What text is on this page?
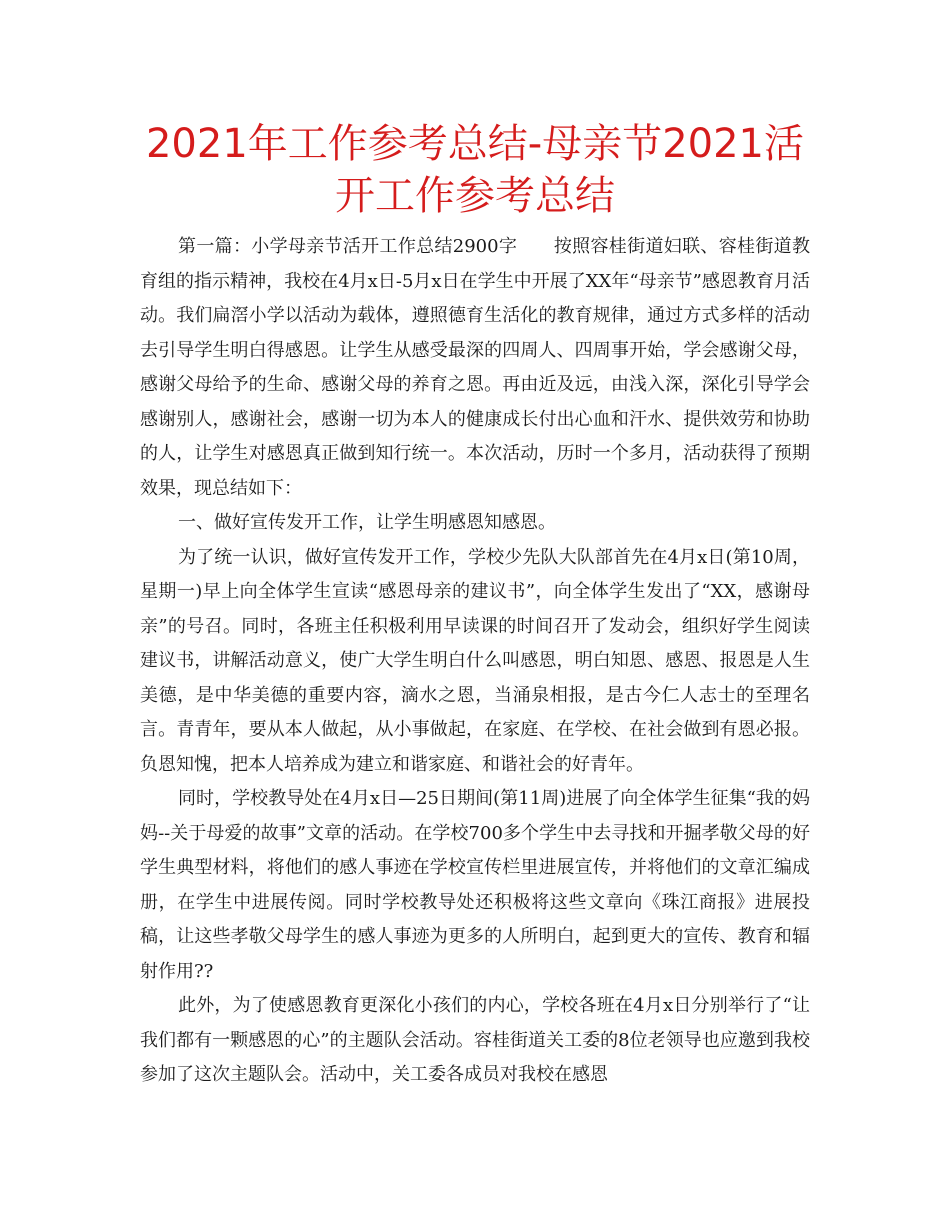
2021年工作参考总结-母亲节2021活开工作参考总结

第一篇：小学母亲节活开工作总结2900字　　按照容桂街道妇联、容桂街道教育组的指示精神，我校在4月x日-5月x日在学生中开展了XX年“母亲节”感恩教育月活动。我们扁滘小学以活动为载体，遵照德育生活化的教育规律，通过方式多样的活动去引导学生明白得感恩。让学生从感受最深的四周人、四周事开始，学会感谢父母，感谢父母给予的生命、感谢父母的养育之恩。再由近及远，由浅入深，深化引导学会感谢别人，感谢社会，感谢一切为本人的健康成长付出心血和汗水、提供效劳和协助的人，让学生对感恩真正做到知行统一。本次活动，历时一个多月，活动获得了预期效果，现总结如下：

一、做好宣传发开工作，让学生明感恩知感恩。

为了统一认识，做好宣传发开工作，学校少先队大队部首先在4月x日(第10周，星期一)早上向全体学生宣读“感恩母亲的建议书”，向全体学生发出了“XX，感谢母亲”的号召。同时，各班主任积极利用早读课的时间召开了发动会，组织好学生阅读建议书，讲解活动意义，使广大学生明白什么叫感恩，明白知恩、感恩、报恩是人生美德，是中华美德的重要内容，滴水之恩，当涌泉相报，是古今仁人志士的至理名言。青青年，要从本人做起，从小事做起，在家庭、在学校、在社会做到有恩必报。负恩知愧，把本人培养成为建立和谐家庭、和谐社会的好青年。

同时，学校教导处在4月x日—25日期间(第11周)进展了向全体学生征集“我的妈妈--关于母爱的故事”文章的活动。在学校700多个学生中去寻找和开掘孝敬父母的好学生典型材料，将他们的感人事迹在学校宣传栏里进展宣传，并将他们的文章汇编成册，在学生中进展传阅。同时学校教导处还积极将这些文章向《珠江商报》进展投稿，让这些孝敬父母学生的感人事迹为更多的人所明白，起到更大的宣传、教育和辐射作用??

此外，为了使感恩教育更深化小孩们的内心，学校各班在4月x日分别举行了“让我们都有一颗感恩的心”的主题队会活动。容桂街道关工委的8位老领导也应邀到我校参加了这次主题队会。活动中，关工委各成员对我校在感恩
